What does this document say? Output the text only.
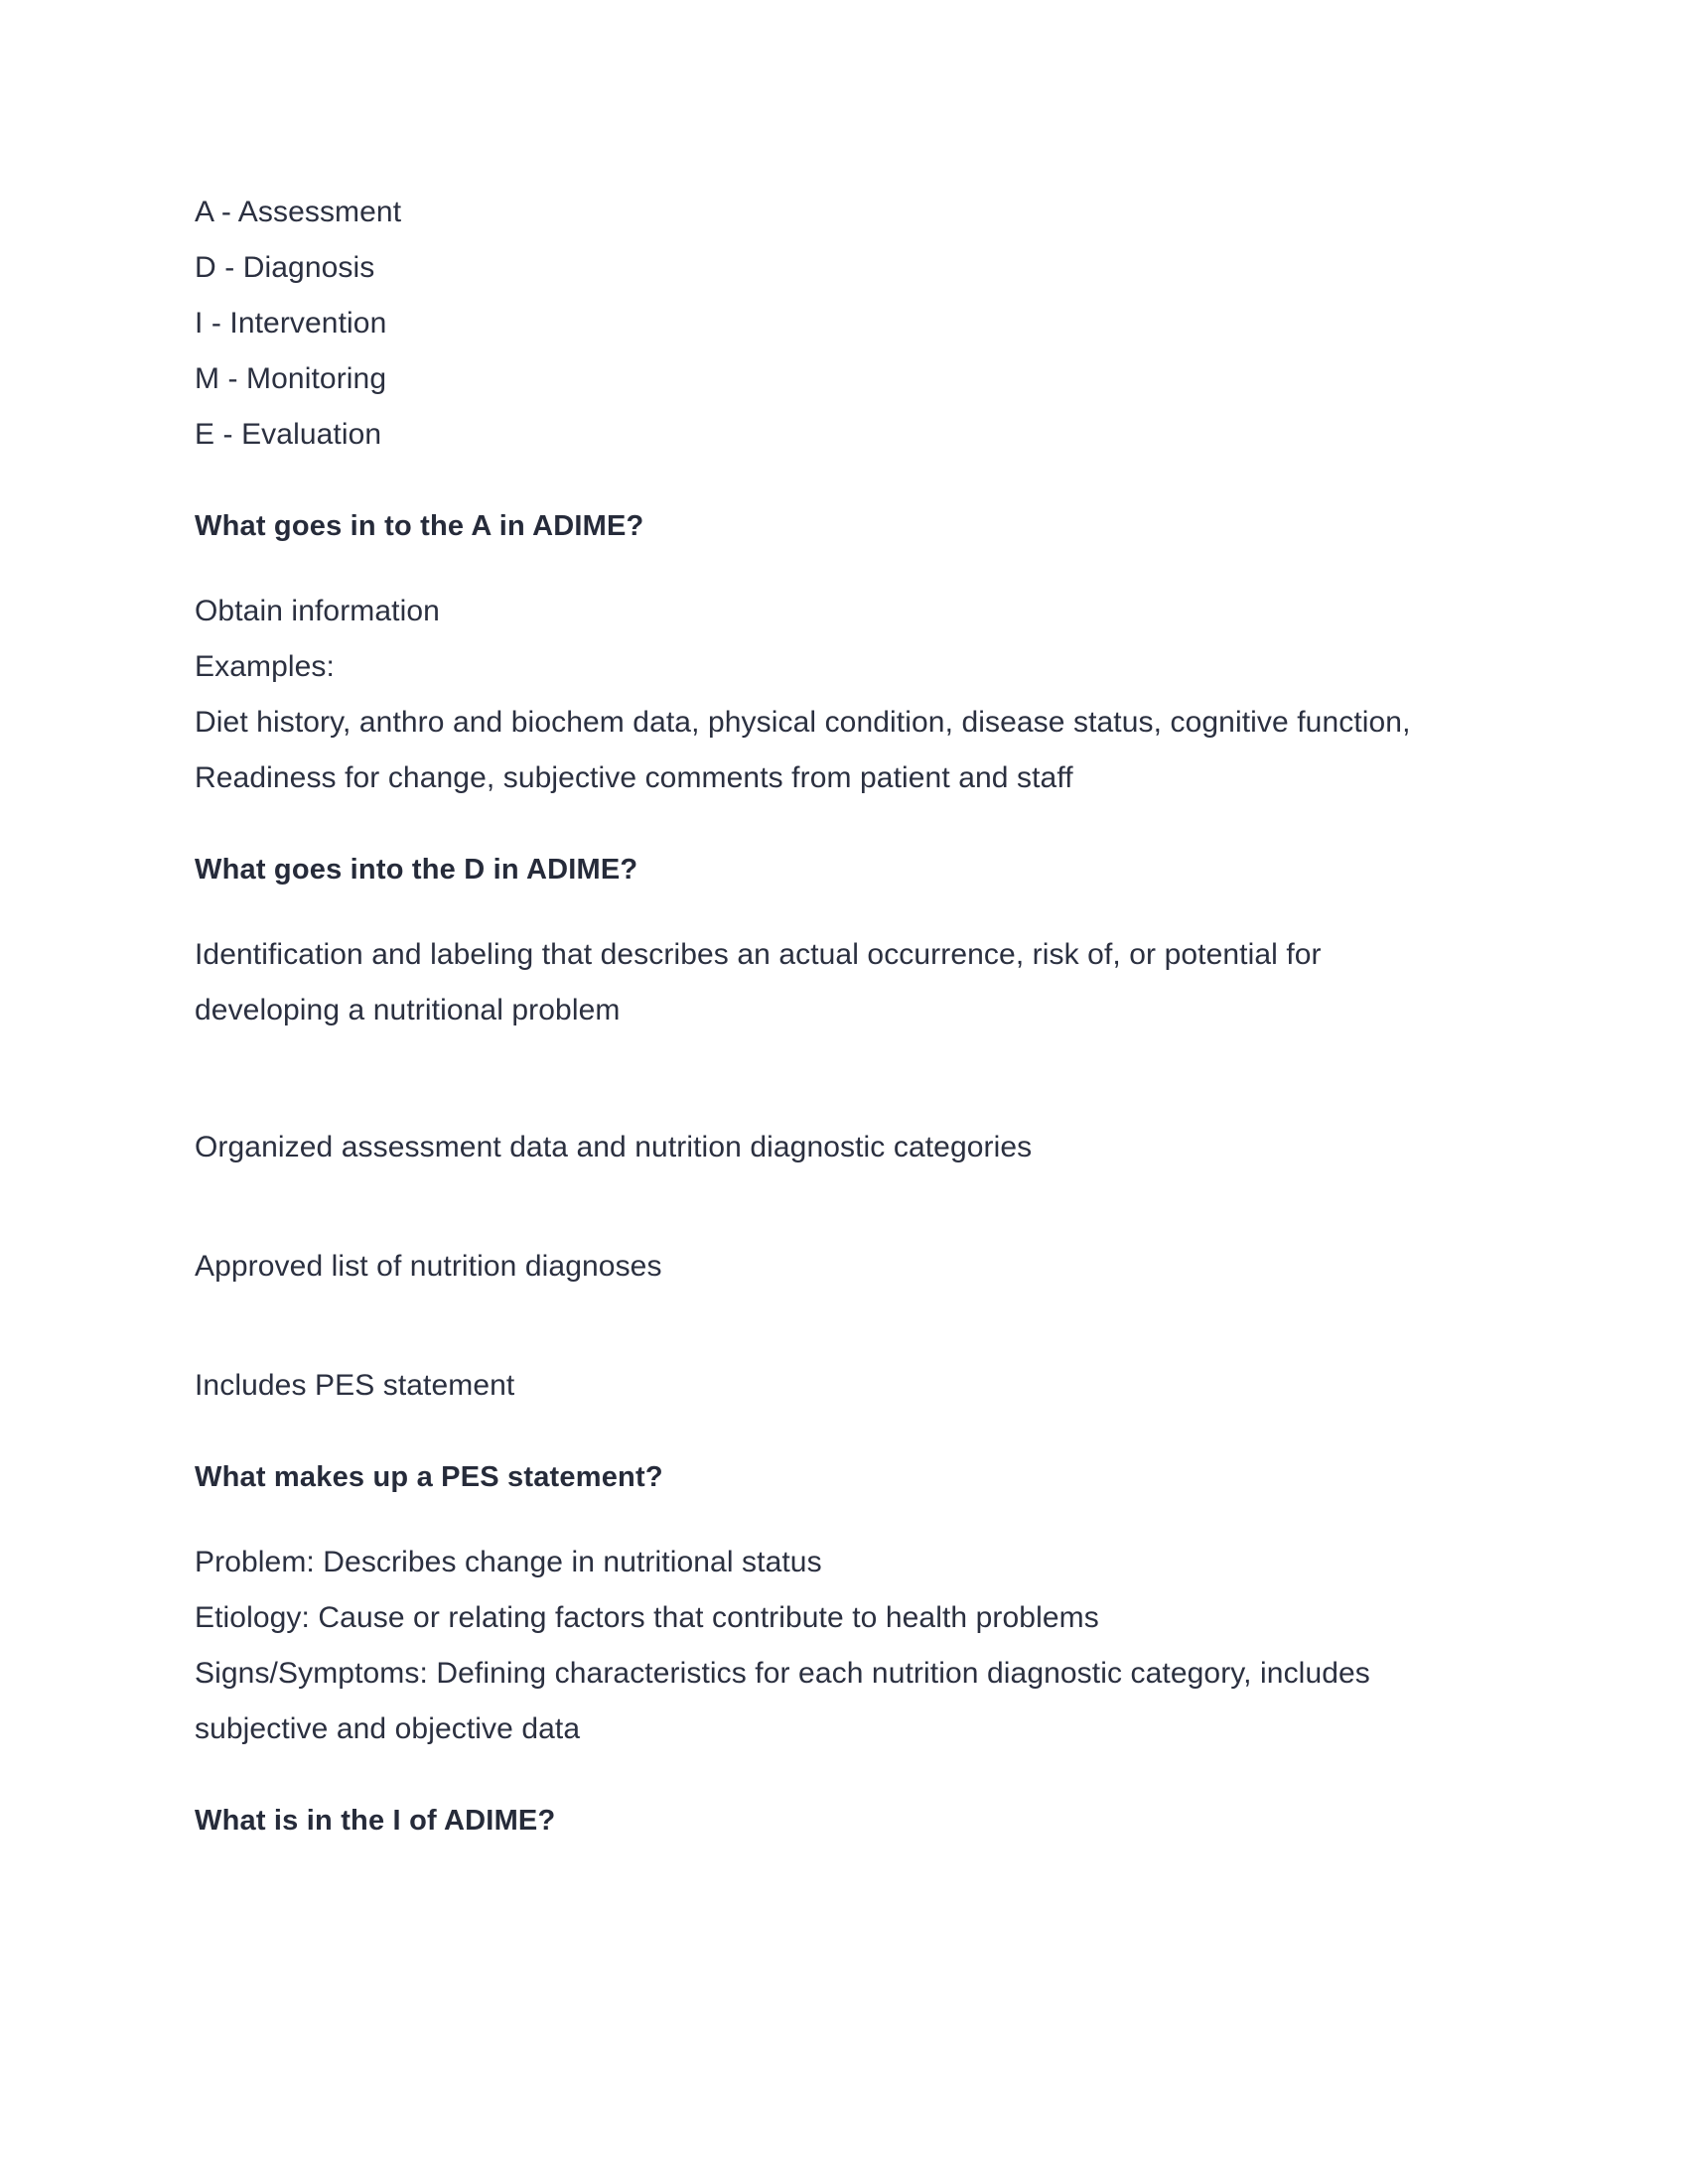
A - Assessment
D - Diagnosis
I - Intervention
M - Monitoring
E - Evaluation

What goes in to the A in ADIME?

Obtain information
Examples:
Diet history, anthro and biochem data, physical condition, disease status, cognitive function,
Readiness for change, subjective comments from patient and staff

What goes into the D in ADIME?

Identification and labeling that describes an actual occurrence, risk of, or potential for developing a nutritional problem

Organized assessment data and nutrition diagnostic categories

Approved list of nutrition diagnoses

Includes PES statement

What makes up a PES statement?

Problem: Describes change in nutritional status
Etiology: Cause or relating factors that contribute to health problems
Signs/Symptoms: Defining characteristics for each nutrition diagnostic category, includes subjective and objective data

What is in the I of ADIME?
